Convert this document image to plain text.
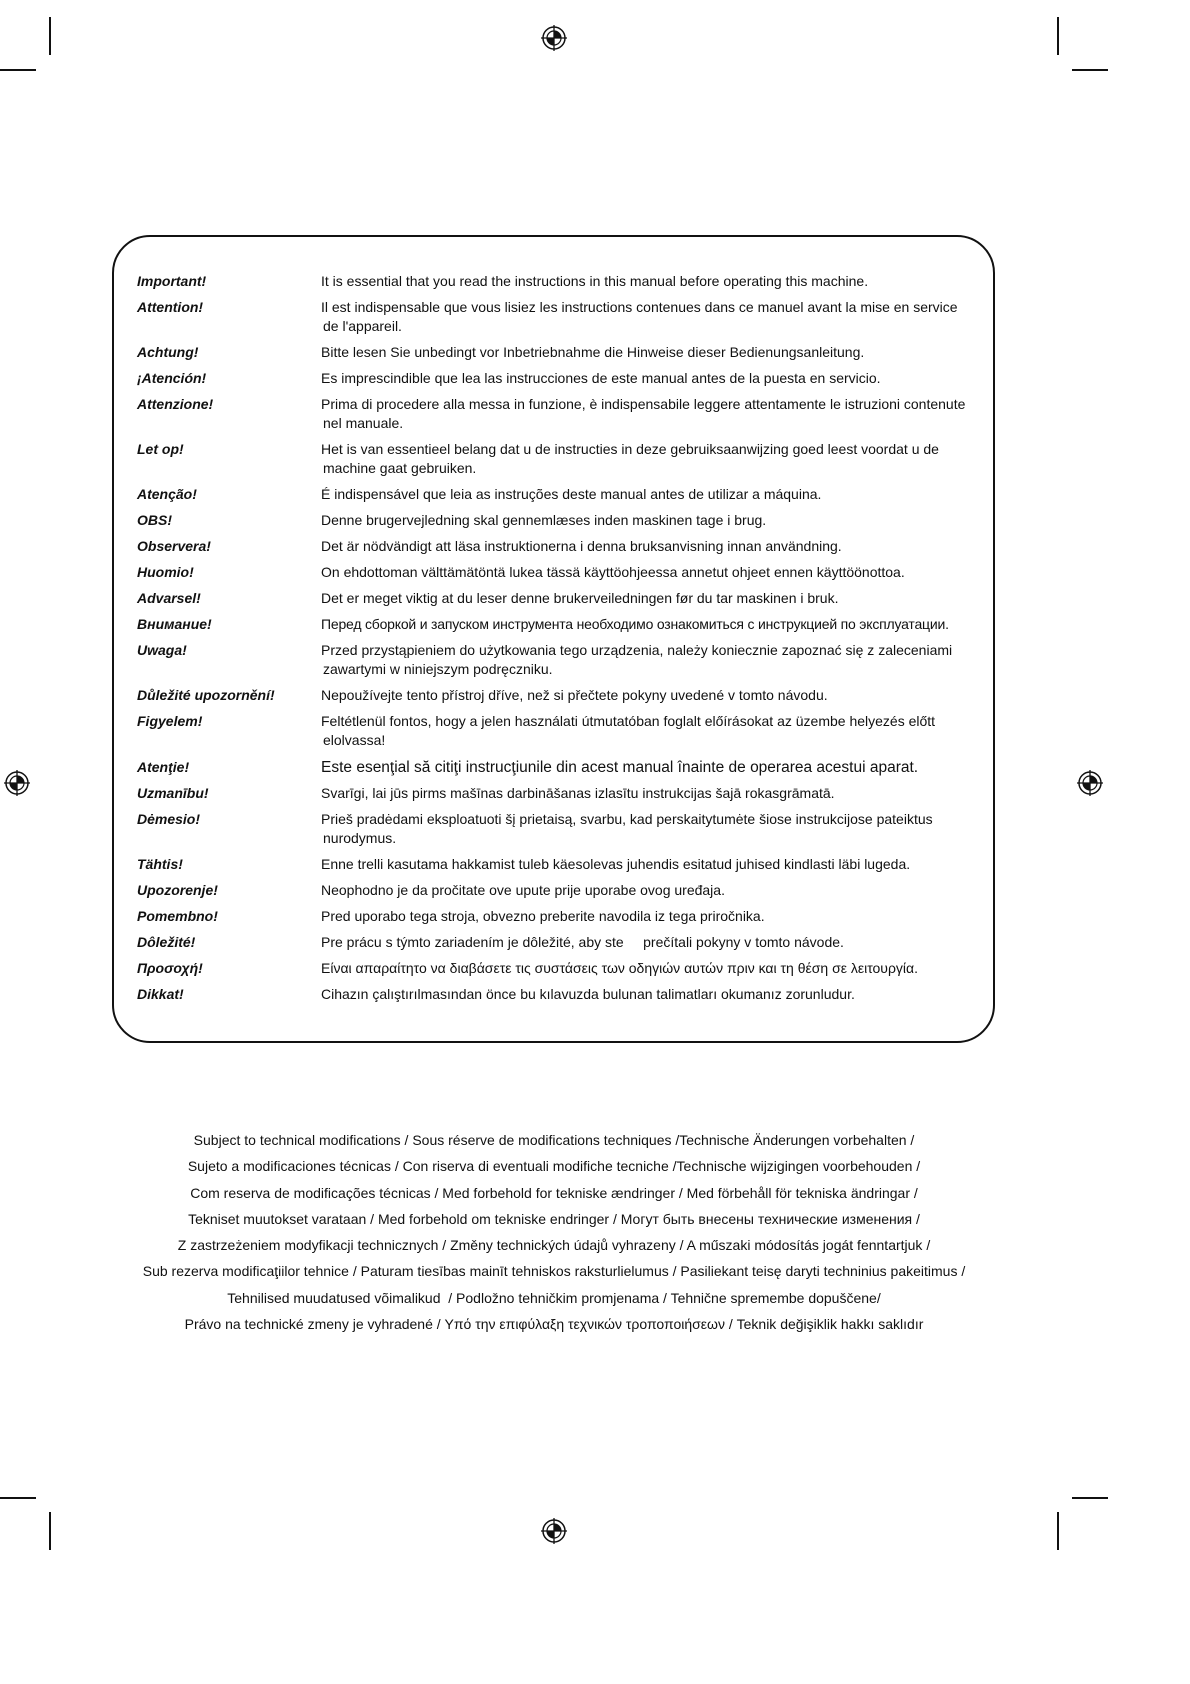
Important!	It is essential that you read the instructions in this manual before operating this machine.
Attention!	Il est indispensable que vous lisiez les instructions contenues dans ce manuel avant la mise en service
de l'appareil.
Achtung!	Bitte lesen Sie unbedingt vor Inbetriebnahme die Hinweise dieser Bedienungsanleitung.
¡Atención!	Es imprescindible que lea las instrucciones de este manual antes de la puesta en servicio.
Attenzione!	Prima di procedere alla messa in funzione, è indispensabile leggere attentamente le istruzioni contenute
nel manuale.
Let op!	Het is van essentieel belang dat u de instructies in deze gebruiksaanwijzing goed leest voordat u de
machine gaat gebruiken.
Atenção!	É indispensável que leia as instruções deste manual antes de utilizar a máquina.
OBS!	Denne brugervejledning skal gennemlæses inden maskinen tage i brug.
Observera!	Det är nödvändigt att läsa instruktionerna i denna bruksanvisning innan användning.
Huomio!	On ehdottoman välttämätöntä lukea tässä käyttöohjeessa annetut ohjeet ennen käyttöönottoa.
Advarsel!	Det er meget viktig at du leser denne brukerveiledningen før du tar maskinen i bruk.
Внимание!	Перед сборкой и запуском инструмента необходимо ознакомиться с инструкцией по эксплуатации.
Uwaga!	Przed przystąpieniem do użytkowania tego urządzenia, należy koniecznie zapoznać się z zaleceniami
zawartymi w niniejszym podręczniku.
Důležité upozornění!	Nepoužívejte tento přístroj dříve, než si přečtete pokyny uvedené v tomto návodu.
Figyelem!	Feltétlenül fontos, hogy a jelen használati útmutatóban foglalt előírásokat az üzembe helyezés előtt
elolvassa!
Atenţie!	Este esenţial să citiţi instrucţiunile din acest manual înainte de operarea acestui aparat.
Uzmanību!	Svarīgi, lai jūs pirms mašīnas darbināšanas izlasītu instrukcijas šajā rokasgrāmatā.
Dėmesio!	Prieš pradėdami eksploatuoti šį prietaisą, svarbu, kad perskaitytumėte šiose instrukcijose pateiktus
nurodymus.
Tähtis!	Enne trelli kasutama hakkamist tuleb käesolevas juhendis esitatud juhised kindlasti läbi lugeda.
Upozorenje!	Neophodno je da pročitate ove upute prije uporabe ovog uređaja.
Pomembno!	Pred uporabo tega stroja, obvezno preberite navodila iz tega priročnika.
Dôležité!	Pre prácu s týmto zariadením je dôležité, aby ste     prečítali pokyny v tomto návode.
Προσοχή!	Είναι απαραίτητο να διαβάσετε τις συστάσεις των οδηγιών αυτών πριν και τη θέση σε λειτουργία.
Dikkat!	Cihazın çalıştırılmasından önce bu kılavuzda bulunan talimatları okumanız zorunludur.
Subject to technical modifications / Sous réserve de modifications techniques /Technische Änderungen vorbehalten /
Sujeto a modificaciones técnicas / Con riserva di eventuali modifiche tecniche /Technische wijzigingen voorbehouden /
Com reserva de modificações técnicas / Med forbehold for tekniske ændringer / Med förbehåll för tekniska ändringar /
Tekniset muutokset varataan / Med forbehold om tekniske endringer / Могут быть внесены технические изменения /
Z zastrzeżeniem modyfikacji technicznych / Změny technických údajů vyhrazeny / A műszaki módosítás jogát fenntartjuk /
Sub rezerva modificaţiilor tehnice / Paturam tiesības mainīt tehniskos raksturlielumus / Pasiliekant teisę daryti techninius pakeitimus /
Tehnilised muudatused võimalikud  / Podložno tehničkim promjenama / Tehnične spremembe dopuščene/
Právo na technické zmeny je vyhradené / Υπό την επιφύλαξη τεχνικών τροποποιήσεων / Teknik değişiklik hakkı saklıdır
